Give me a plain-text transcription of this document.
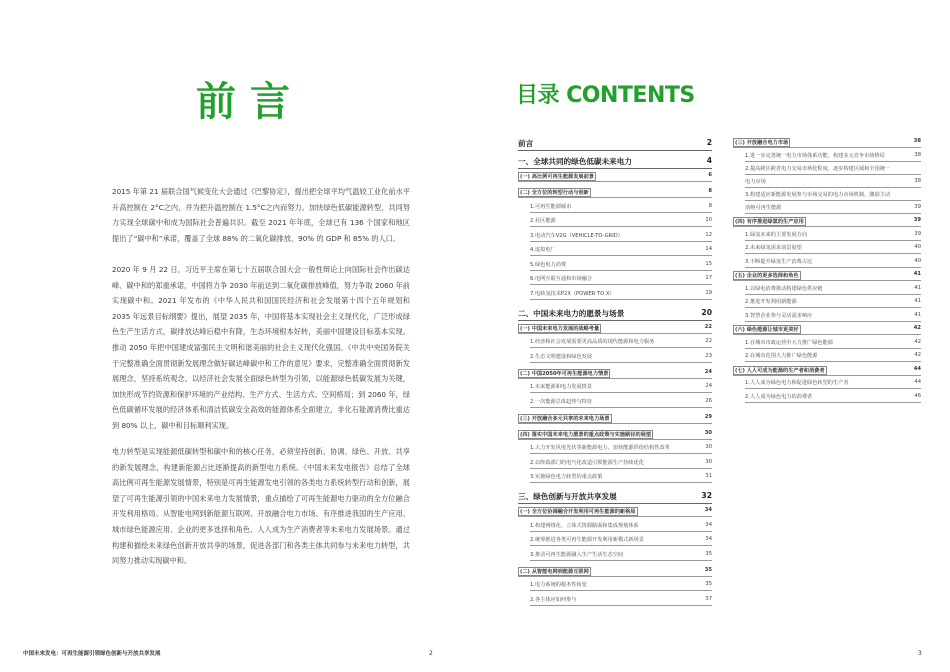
前言

2015 年第 21 届联合国气候变化大会通过《巴黎协定》，提出把全球平均气温较工业化前水平升高控制在 2°C之内，并为把升温控制在 1.5°C之内而努力。加快绿色低碳能源转型、共同努力实现全球碳中和成为国际社会普遍共识。截至 2021 年年底，全球已有 136 个国家和地区提出了“碳中和”承诺，覆盖了全球 88% 的二氧化碳排放、90% 的 GDP 和 85% 的人口。

2020 年 9 月 22 日，习近平主席在第七十五届联合国大会一般性辩论上向国际社会作出碳达峰、碳中和的郑重承诺，中国将力争 2030 年前达到二氧化碳排放峰值，努力争取 2060 年前实现碳中和。2021 年发布的《中华人民共和国国民经济和社会发展第十四个五年规划和 2035 年远景目标纲要》提出，展望 2035 年，中国将基本实现社会主义现代化，广泛形成绿色生产生活方式，碳排放达峰后稳中有降，生态环境根本好转，美丽中国建设目标基本实现。推动 2050 年把中国建成富强民主文明和谐美丽的社会主义现代化强国。《中共中央国务院关于完整准确全面贯彻新发展理念做好碳达峰碳中和工作的意见》要求，完整准确全面贯彻新发展理念，坚持系统观念，以经济社会发展全面绿色转型为引领，以能源绿色低碳发展为关键，加快形成节约资源和保护环境的产业结构、生产方式、生活方式、空间格局；到 2060 年，绿色低碳循环发展的经济体系和清洁低碳安全高效的能源体系全面建立，非化石能源消费比重达到 80% 以上，碳中和目标顺利实现。

电力转型是实现能源低碳转型和碳中和的核心任务，必须坚持创新、协调、绿色、开放、共享的新发展理念，构建新能源占比逐渐提高的新型电力系统。《中国未来发电报告》总结了全球高比例可再生能源发展情景，特别是可再生能源发电引领的各类电力系统转型行动和创新，展望了可再生能源引领的中国未来电力发展情景，重点描绘了可再生能源电力驱动的全方位融合开发利用格局、从智能电网到新能源互联网、开放融合电力市场、有序推进我国的生产应用、城市绿色能源应用、企业的更多选择和角色、人人成为生产消费者等未来电力发展场景。通过构建和描绘未来绿色创新开放共享的场景，促进各部门和各类主体共同参与未来电力转型，共同努力推动实现碳中和。

目录 CONTENTS
前言	2
一、全球共同的绿色低碳未来电力	4
(一) 高比例可再生能源发展前景	6
(二) 全方位的转型行动与创新	8
1.可再生能源城市	8
2.社区能源	10
3.电动汽车V2G（VEHICLE-TO-GRID）	12
4.虚拟电厂	14
5.绿色电力消费	15
6.电网互联互通和市场融合	17
7.电转氢技术P2X（POWER TO X）	19
二、中国未来电力的愿景与场景	20
(一) 中国未来电力发展的战略考量	22
1.经济和社会发展需要更高品质的现代能源和电力服务	22
2.生态文明建设和绿色发展	23
(二) 中国2050年可再生能源电力情景	24
1.未来能源和电力发展情景	24
2.一次能源总体趋势与特征	26
(三) 开放融合多元共享的未来电力场景	29
(四) 落实中国未来电力愿景的重点政策与实施路径的展望	30
1.大力开发风电光伏等新能源电力，加快能源供给结构性改革	30
2.以终端部门的电气化改造引领能源生产持续优化	30
3.实施绿色电力转型的重点政策	31
三、绿色创新与开放共享发展	32
(一) 全方位协调融合开发利用可再生能源的新格局	34
1.构建网络化、立体式资源路面和集成规划体系	34
2.统筹推进各类可再生能源开发利用新模式新场景	34
3.推动可再生能源融入生产生活生态空间	35
(二) 从智能电网到能源互联网	35
1.电力系统的根本性转变	35
2.各主体应如何参与	37
(三) 开放融合电力市场	38
1.进一步完善统一电力市场体系功能，构建多元竞争市场格局	38
2.提高跨区跨省电力交易市场化程度，逐步构建区域和全国统一
电力市场	38
3.构建适应新能源发展参与市场交易的电力市场机制，激励主动
消纳可再生能源	39
(四) 有序推进绿氢的生产应用	39
1.绿氢未来的主要发展方向	39
2.未来绿氢需求前景展望	40
3.不断提升绿氢生产消费占比	40
(五) 企业的更多选择和角色	41
1.以绿电消费推动构建绿色供应链	41
2.推进开发利用新能源	41
3.智慧企业参与灵活需求响应	41
(六) 绿色能源让城市更美好	42
1.在城市市政运营中大力推广绿色能源	42
2.在城市范围大力推广绿色能源	42
(七) 人人可成为能源的生产者和消费者	44
1.人人成为绿色电力和促进绿色转型的生产者	44
2.人人成为绿色电力的消费者	46
中国未来发电：可再生能源引领绿色创新与开放共享发展	2	3
